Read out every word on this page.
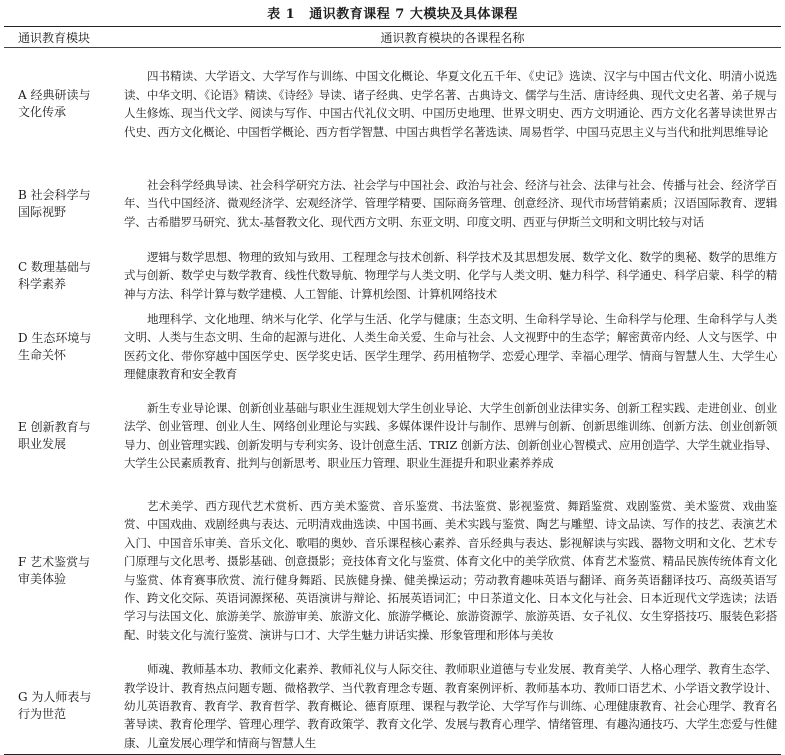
表 1 通识教育课程 7 大模块及具体课程
通识教育模块	通识教育模块的各课程名称

A 经典研读与
文化传承	四书精读、大学语文、大学写作与训练、中国文化概论、华夏文化五千年、《史记》选读、汉字与中国古代文化、明清小说选读、中华文明、《论语》精读、《诗经》导读、诸子经典、史学名著、古典诗文、儒学与生活、唐诗经典、现代文史名著、弟子规与人生修炼、现当代文学、阅读与写作、中国古代礼仪文明、中国历史地理、世界文明史、西方文明通论、西方文化名著导读世界古代史、西方文化概论、中国哲学概论、西方哲学智慧、中国古典哲学名著选读、周易哲学、中国马克思主义与当代和批判思维导论

B 社会科学与
国际视野	社会科学经典导读、社会科学研究方法、社会学与中国社会、政治与社会、经济与社会、法律与社会、传播与社会、经济学百年、当代中国经济、微观经济学、宏观经济学、管理学精要、国际商务管理、创意经济、现代市场营销素质；汉语国际教育、逻辑学、古希腊罗马研究、犹太-基督教文化、现代西方文明、东亚文明、印度文明、西亚与伊斯兰文明和文明比较与对话

C 数理基础与
科学素养	逻辑与数学思想、物理的致知与致用、工程理念与技术创新、科学技术及其思想发展、数学文化、数学的奥秘、数学的思维方式与创新、数学史与数学教育、线性代数导航、物理学与人类文明、化学与人类文明、魅力科学、科学通史、科学启蒙、科学的精神与方法、科学计算与数学建模、人工智能、计算机绘图、计算机网络技术

D 生态环境与
生命关怀	地理科学、文化地理、纳米与化学、化学与生活、化学与健康；生态文明、生命科学导论、生命科学与伦理、生命科学与人类文明、人类与生态文明、生命的起源与进化、人类生命关爱、生命与社会、人文视野中的生态学；解密黄帝内经、人文与医学、中医药文化、带你穿越中国医学史、医学奖史话、医学生理学、药用植物学、恋爱心理学、幸福心理学、情商与智慧人生、大学生心理健康教育和安全教育

E 创新教育与
职业发展	新生专业导论课、创新创业基础与职业生涯规划大学生创业导论、大学生创新创业法律实务、创新工程实践、走进创业、创业法学、创业管理、创业人生、网络创业理论与实践、多媒体课件设计与制作、思辨与创新、创新思维训练、创新方法、创业创新领导力、创业管理实践、创新发明与专利实务、设计创意生活、TRIZ 创新方法、创新创业心智模式、应用创造学、大学生就业指导、大学生公民素质教育、批判与创新思考、职业压力管理、职业生涯提升和职业素养养成

F 艺术鉴赏与
审美体验	艺术美学、西方现代艺术赏析、西方美术鉴赏、音乐鉴赏、书法鉴赏、影视鉴赏、舞蹈鉴赏、戏剧鉴赏、美术鉴赏、戏曲鉴赏、中国戏曲、戏剧经典与表达、元明清戏曲选读、中国书画、美术实践与鉴赏、陶艺与雕塑、诗文品读、写作的技艺、表演艺术入门、中国音乐审美、音乐文化、歌唱的奥妙、音乐课程核心素养、音乐经典与表达、影视解读与实践、器物文明和文化、艺术专门原理与文化思考、摄影基础、创意摄影；竞技体育文化与鉴赏、体育文化中的美学欣赏、体育艺术鉴赏、精品民族传统体育文化与鉴赏、体育赛事欣赏、流行健身舞蹈、民族健身操、健美操运动；劳动教育趣味英语与翻译、商务英语翻译技巧、高级英语写作、跨文化交际、英语词源探秘、英语演讲与辩论、拓展英语词汇；中日茶道文化、日本文化与社会、日本近现代文学选读；法语学习与法国文化、旅游美学、旅游审美、旅游文化、旅游学概论、旅游资源学、旅游英语、女子礼仪、女生穿搭技巧、服装色彩搭配、时装文化与流行鉴赏、演讲与口才、大学生魅力讲话实操、形象管理和形体与美妆

G 为人师表与
行为世范	师魂、教师基本功、教师文化素养、教师礼仪与人际交往、教师职业道德与专业发展、教育美学、人格心理学、教育生态学、教学设计、教育热点问题专题、微格教学、当代教育理念专题、教育案例评析、教师基本功、教师口语艺术、小学语文教学设计、幼儿英语教育、教育学、教育哲学、教育概论、德育原理、课程与教学论、大学写作与训练、心理健康教育、社会心理学、教育名著导读、教育伦理学、管理心理学、教育政策学、教育文化学、发展与教育心理学、情绪管理、有趣沟通技巧、大学生恋爱与性健康、儿童发展心理学和情商与智慧人生
